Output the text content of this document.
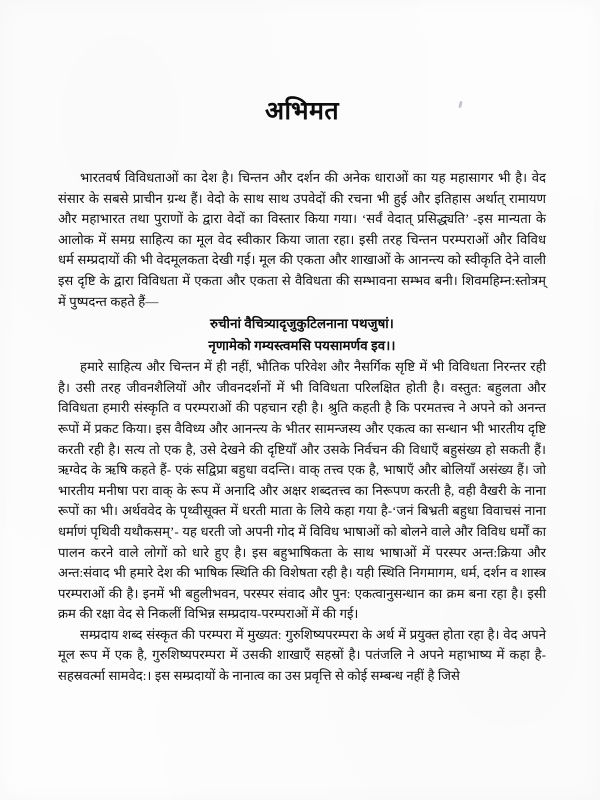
अभिमत

भारतवर्ष विविधताओं का देश है। चिन्तन और दर्शन की अनेक धाराओं का यह महासागर भी है। वेद संसार के सबसे प्राचीन ग्रन्थ हैं। वेदो के साथ साथ उपवेदों की रचना भी हुई और इतिहास अर्थात् रामायण और महाभारत तथा पुराणों के द्वारा वेदों का विस्तार किया गया। ‘सर्वं वेदात् प्रसिद्ध्यति’ -इस मान्यता के आलोक में समग्र साहित्य का मूल वेद स्वीकार किया जाता रहा। इसी तरह चिन्तन परम्पराओं और विविध धर्म सम्प्रदायों की भी वेदमूलकता देखी गई। मूल की एकता और शाखाओं के आनन्त्य को स्वीकृति देने वाली इस दृष्टि के द्वारा विविधता में एकता और एकता से वैविधता की सम्भावना सम्भव बनी। शिवमहिम्न:स्तोत्रम् में पुष्पदन्त कहते हैं—

रुचीनां वैचित्र्यादृजुकुटिलनाना पथजुषां।
नृणामेको गम्यस्त्वमसि पयसामर्णव इव।।

हमारे साहित्य और चिन्तन में ही नहीं, भौतिक परिवेश और नैसर्गिक सृष्टि में भी विविधता निरन्तर रही है। उसी तरह जीवनशैलियों और जीवनदर्शनों में भी विविधता परिलक्षित होती है। वस्तुत: बहुलता और विविधता हमारी संस्कृति व परम्पराओं की पहचान रही है। श्रुति कहती है कि परमतत्त्व ने अपने को अनन्त रूपों में प्रकट किया। इस वैविध्य और आनन्त्य के भीतर सामन्जस्य और एकत्व का सन्धान भी भारतीय दृष्टि करती रही है। सत्य तो एक है, उसे देखने की दृष्टियाँ और उसके निर्वचन की विधाएँ बहुसंख्य हो सकती हैं। ऋग्वेद के ऋषि कहते हैं- एकं सद्विप्रा बहुधा वदन्ति। वाक् तत्त्व एक है, भाषाएँ और बोलियाँ असंख्य हैं। जो भारतीय मनीषा परा वाक् के रूप में अनादि और अक्षर शब्दतत्त्व का निरूपण करती है, वही वैखरी के नाना रूपों का भी। अर्थववेद के पृथ्वीसूक्त में धरती माता के लिये कहा गया है-‘जनं बिभ्रती बहुधा विवाचसं नाना धर्माणं पृथिवी यथौकसम्’- यह धरती जो अपनी गोद में विविध भाषाओं को बोलने वाले और विविध धर्मों का पालन करने वाले लोगों को धारे हुए है। इस बहुभाषिकता के साथ भाषाओं में परस्पर अन्त:क्रिया और अन्त:संवाद भी हमारे देश की भाषिक स्थिति की विशेषता रही है। यही स्थिति निगमागम, धर्म, दर्शन व शास्त्र परम्पराओं की है। इनमें भी बहुलीभवन, परस्पर संवाद और पुन: एकत्वानुसन्धान का क्रम बना रहा है। इसी क्रम की रक्षा वेद से निकलीं विभिन्न सम्प्रदाय-परम्पराओं में की गई।

सम्प्रदाय शब्द संस्कृत की परम्परा में मुख्यत: गुरुशिष्यपरम्परा के अर्थ में प्रयुक्त होता रहा है। वेद अपने मूल रूप में एक है, गुरुशिष्यपरम्परा में उसकी शाखाएँ सहस्रों है। पतंजलि ने अपने महाभाष्य में कहा है- सहस्रवर्त्मा सामवेद:। इस सम्प्रदायों के नानात्व का उस प्रवृत्ति से कोई सम्बन्ध नहीं है जिसे
